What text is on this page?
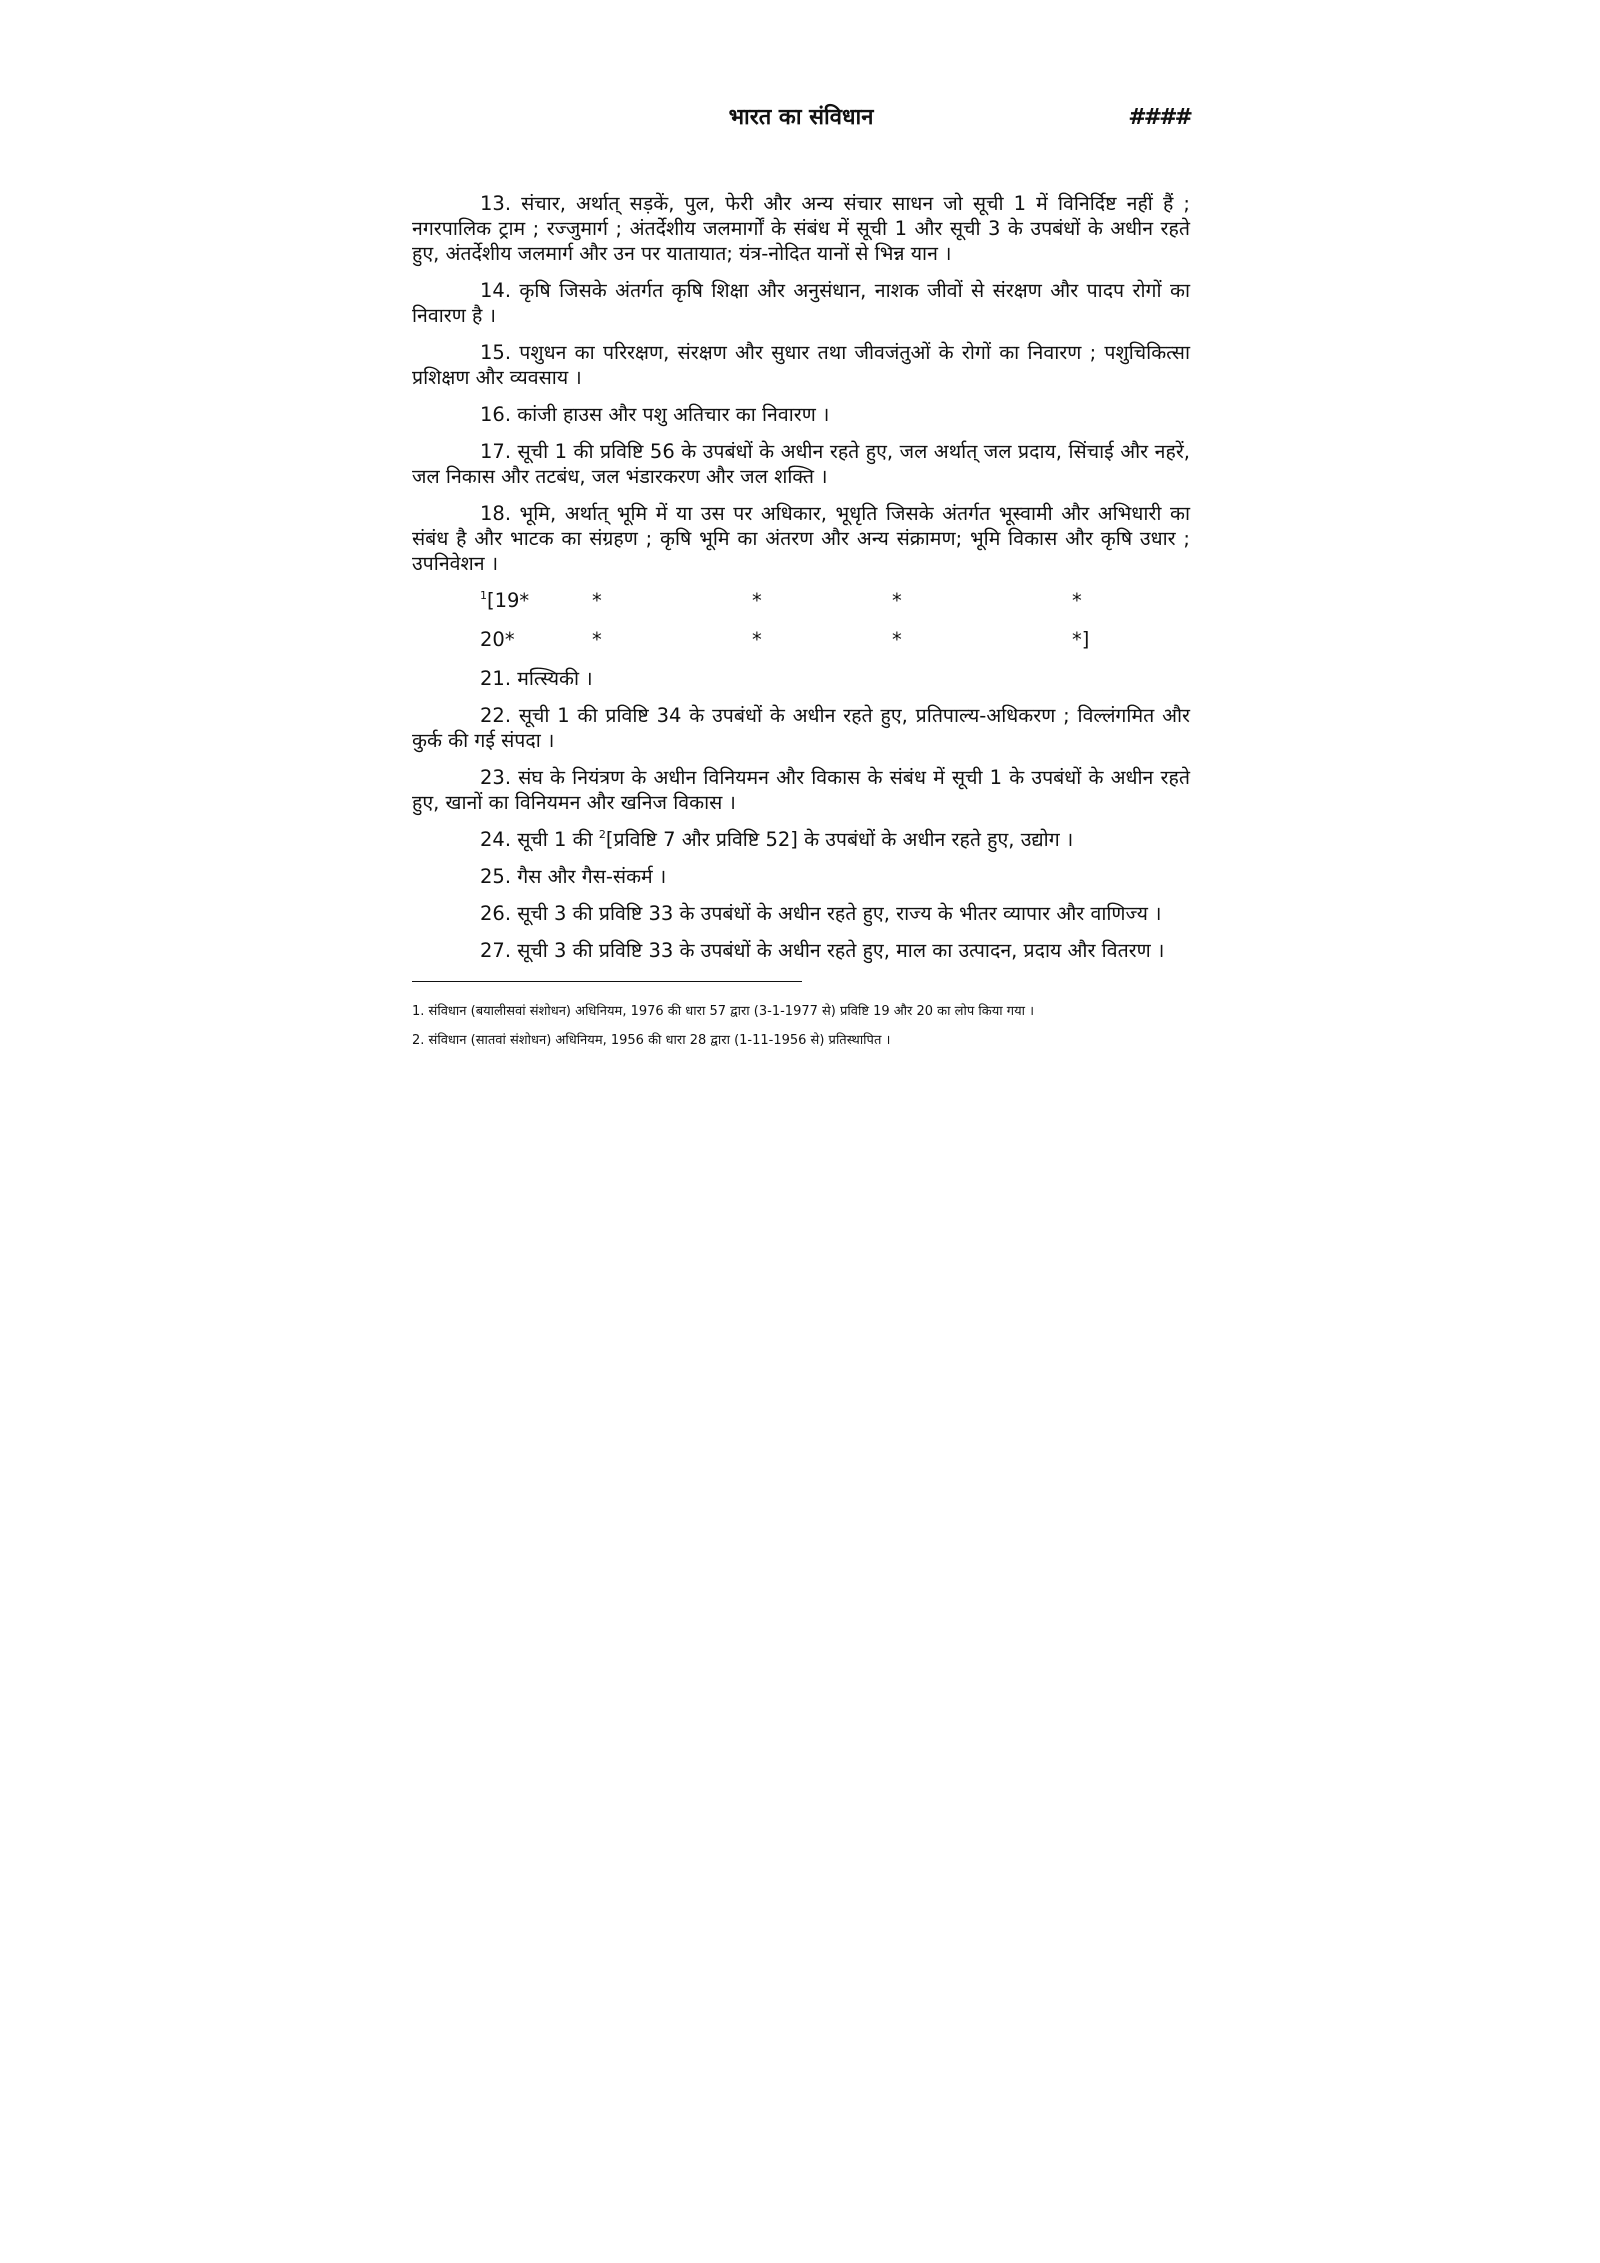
भारत का संविधान	####

13. संचार, अर्थात् सड़कें, पुल, फेरी और अन्य संचार साधन जो सूची 1 में विनिर्दिष्ट नहीं हैं ; नगरपालिक ट्राम ; रज्जुमार्ग ; अंतर्देशीय जलमार्गों के संबंध में सूची 1 और सूची 3 के उपबंधों के अधीन रहते हुए, अंतर्देशीय जलमार्ग और उन पर यातायात; यंत्र-नोदित यानों से भिन्न यान ।

14. कृषि जिसके अंतर्गत कृषि शिक्षा और अनुसंधान, नाशक जीवों से संरक्षण और पादप रोगों का निवारण है ।

15. पशुधन का परिरक्षण, संरक्षण और सुधार तथा जीवजंतुओं के रोगों का निवारण ; पशुचिकित्सा प्रशिक्षण और व्यवसाय ।

16. कांजी हाउस और पशु अतिचार का निवारण ।

17. सूची 1 की प्रविष्टि 56 के उपबंधों के अधीन रहते हुए, जल अर्थात् जल प्रदाय, सिंचाई और नहरें, जल निकास और तटबंध, जल भंडारकरण और जल शक्ति ।

18. भूमि, अर्थात् भूमि में या उस पर अधिकार, भूधृति जिसके अंतर्गत भूस्वामी और अभिधारी का संबंध है और भाटक का संग्रहण ; कृषि भूमि का अंतरण और अन्य संक्रामण; भूमि विकास और कृषि उधार ; उपनिवेशन ।

$^1$[19*	*	*	*	*
20*	*	*	*	*]

21. मत्स्यिकी ।

22. सूची 1 की प्रविष्टि 34 के उपबंधों के अधीन रहते हुए, प्रतिपाल्य-अधिकरण ; विल्लंगमित और कुर्क की गई संपदा ।

23. संघ के नियंत्रण के अधीन विनियमन और विकास के संबंध में सूची 1 के उपबंधों के अधीन रहते हुए, खानों का विनियमन और खनिज विकास ।

24. सूची 1 की $^2$[प्रविष्टि 7 और प्रविष्टि 52] के उपबंधों के अधीन रहते हुए, उद्योग ।

25. गैस और गैस-संकर्म ।

26. सूची 3 की प्रविष्टि 33 के उपबंधों के अधीन रहते हुए, राज्य के भीतर व्यापार और वाणिज्य ।

27. सूची 3 की प्रविष्टि 33 के उपबंधों के अधीन रहते हुए, माल का उत्पादन, प्रदाय और वितरण ।

1. संविधान (बयालीसवां संशोधन) अधिनियम, 1976 की धारा 57 द्वारा (3-1-1977 से) प्रविष्टि 19 और 20 का लोप किया गया ।

2. संविधान (सातवां संशोधन) अधिनियम, 1956 की धारा 28 द्वारा (1-11-1956 से) प्रतिस्थापित ।
